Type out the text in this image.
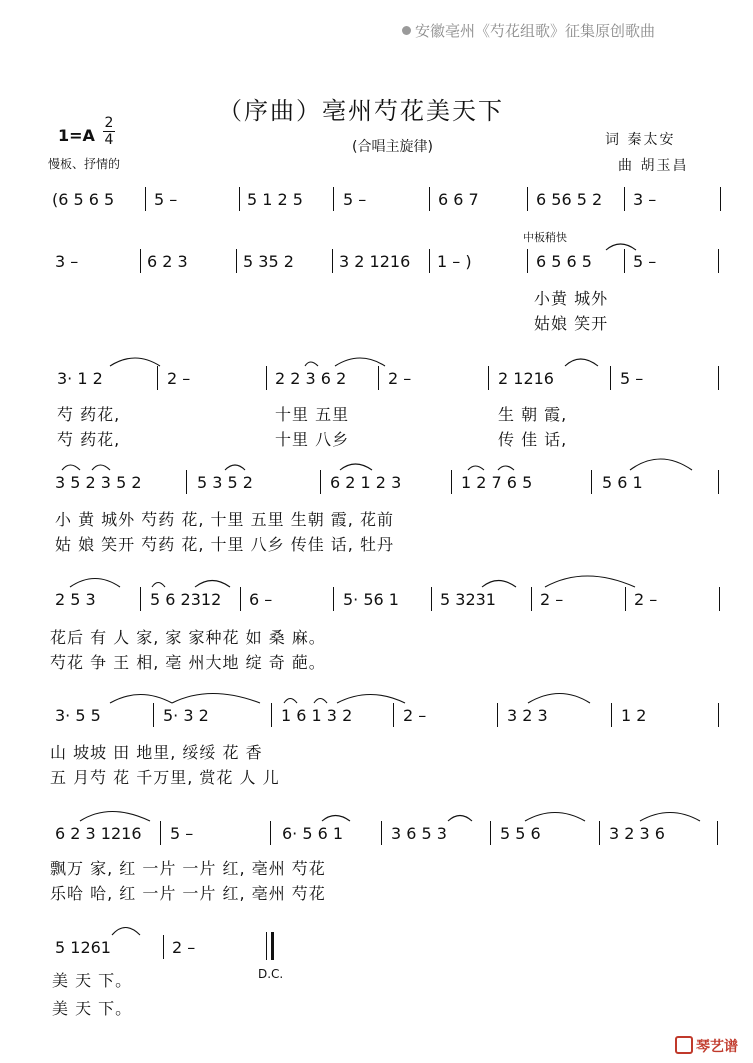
安徽亳州《芍花组歌》征集原创歌曲
（序曲）亳州芍花美天下
(合唱主旋律)
1=A
2
4
慢板、抒情的
词 秦太安
曲 胡玉昌
(6 5 6 5 5 –	5 1 2 5	5 –	6 6 7	6 56 5 2 3 –
中板稍快
3 –	6 2 3	5 35 2	3 2 1216 1 – )	6 5 6 5	5 –
小黄 城外
姑娘 笑开
3· 1 2	2 –	2 2 3 6 2	2 –	2 1216	5 –
芍 药花,	十里 五里	生 朝 霞,
芍 药花,	十里 八乡	传 佳 话,
3 5 2 3 5 2	5 3 5 2	6 2 1 2 3	1 2 7 6 5	5 6 1
小 黄 城外 芍药 花, 十里 五里 生朝 霞, 花前
姑 娘 笑开 芍药 花, 十里 八乡 传佳 话, 牡丹
2 5 3	5 6 2312 6 –	5· 56 1	5 3231	2 –	2 –
花后 有 人 家, 家 家种花 如 桑 麻。
芍花 争 王 相, 亳 州大地 绽 奇 葩。
3· 5 5	5· 3 2	1 6 1 3 2	2 –	3 2 3	1 2
山 坡坡 田 地里, 绥绥 花 香
五 月芍 花 千万里, 赏花 人 儿
6 2 3 1216 5 –	6· 5 6 1	3 6 5 3	5 5 6	3 2 3 6
飘万 家, 红 一片 一片 红, 亳州 芍花
乐哈 哈, 红 一片 一片 红, 亳州 芍花
5 1261	2 –
D.C.
美 天 下。
美 天 下。
琴艺谱
